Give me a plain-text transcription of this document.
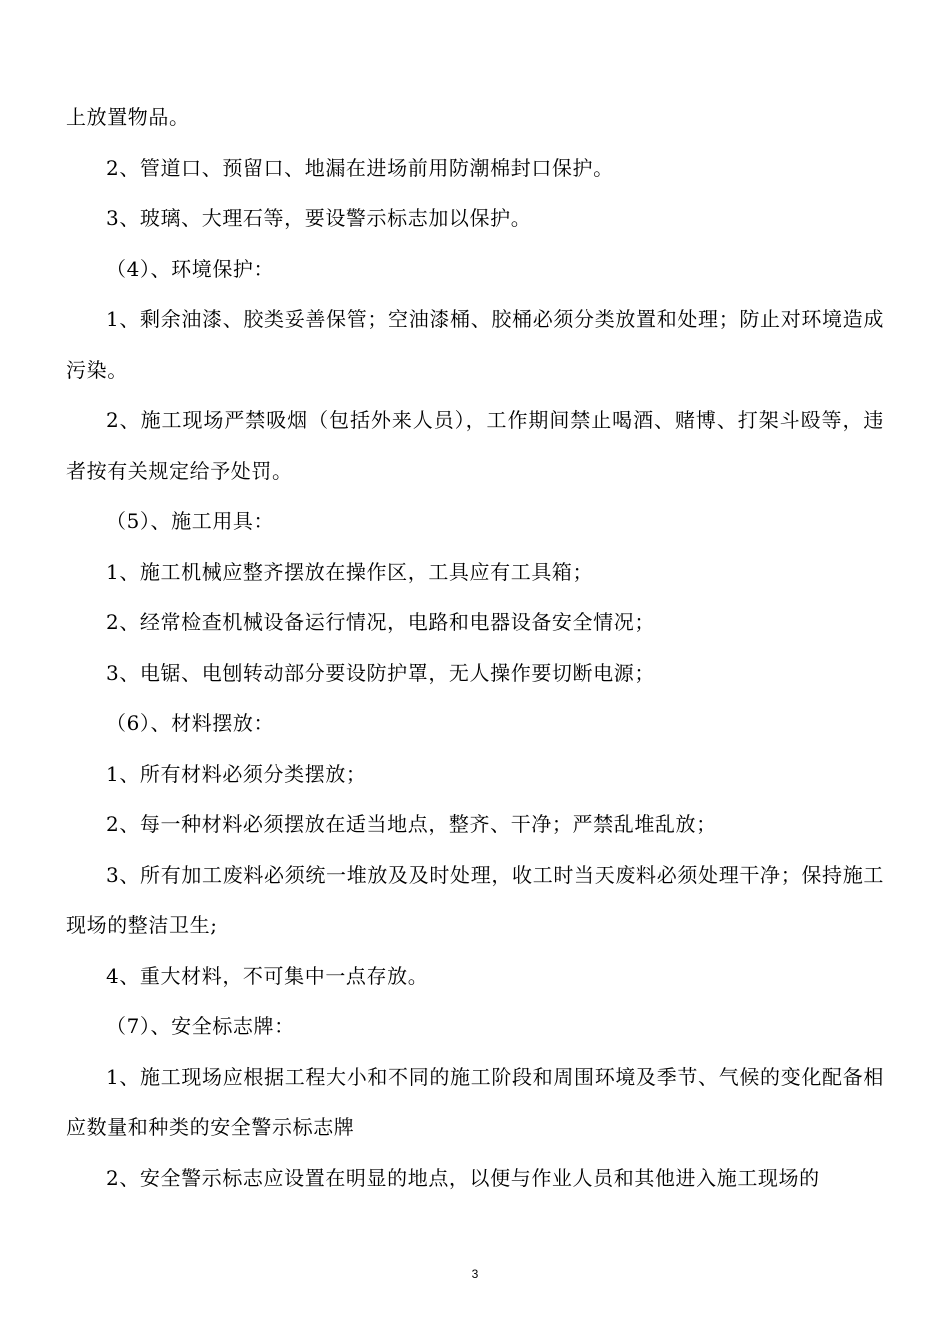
上放置物品。

2、管道口、预留口、地漏在进场前用防潮棉封口保护。

3、玻璃、大理石等，要设警示标志加以保护。

（4）、环境保护：

1、剩余油漆、胶类妥善保管；空油漆桶、胶桶必须分类放置和处理；防止对环境造成污染。

2、施工现场严禁吸烟（包括外来人员），工作期间禁止喝酒、赌博、打架斗殴等，违者按有关规定给予处罚。

（5）、施工用具：

1、施工机械应整齐摆放在操作区，工具应有工具箱；

2、经常检查机械设备运行情况，电路和电器设备安全情况；

3、电锯、电刨转动部分要设防护罩，无人操作要切断电源；

（6）、材料摆放：

1、所有材料必须分类摆放；

2、每一种材料必须摆放在适当地点，整齐、干净；严禁乱堆乱放；

3、所有加工废料必须统一堆放及及时处理，收工时当天废料必须处理干净；保持施工现场的整洁卫生;

4、重大材料，不可集中一点存放。

（7）、安全标志牌：

1、施工现场应根据工程大小和不同的施工阶段和周围环境及季节、气候的变化配备相应数量和种类的安全警示标志牌

2、安全警示标志应设置在明显的地点，以便与作业人员和其他进入施工现场的

3
